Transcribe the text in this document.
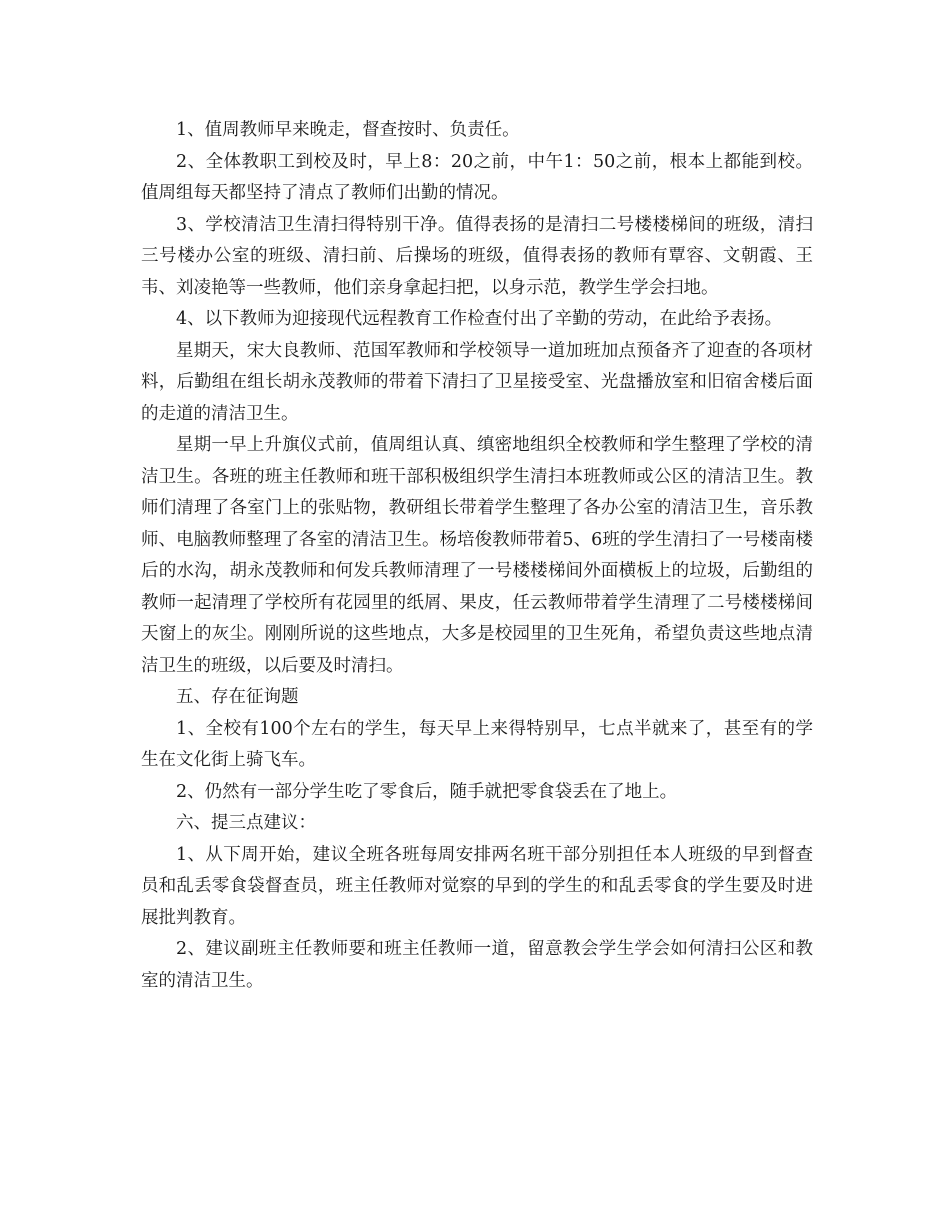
1、值周教师早来晚走，督查按时、负责任。

2、全体教职工到校及时，早上8：20之前，中午1：50之前，根本上都能到校。值周组每天都坚持了清点了教师们出勤的情况。

3、学校清洁卫生清扫得特别干净。值得表扬的是清扫二号楼楼梯间的班级，清扫三号楼办公室的班级、清扫前、后操场的班级，值得表扬的教师有覃容、文朝霞、王韦、刘凌艳等一些教师，他们亲身拿起扫把，以身示范，教学生学会扫地。

4、以下教师为迎接现代远程教育工作检查付出了辛勤的劳动，在此给予表扬。

星期天，宋大良教师、范国军教师和学校领导一道加班加点预备齐了迎查的各项材料，后勤组在组长胡永茂教师的带着下清扫了卫星接受室、光盘播放室和旧宿舍楼后面的走道的清洁卫生。

星期一早上升旗仪式前，值周组认真、缜密地组织全校教师和学生整理了学校的清洁卫生。各班的班主任教师和班干部积极组织学生清扫本班教师或公区的清洁卫生。教师们清理了各室门上的张贴物，教研组长带着学生整理了各办公室的清洁卫生，音乐教师、电脑教师整理了各室的清洁卫生。杨培俊教师带着5、6班的学生清扫了一号楼南楼后的水沟，胡永茂教师和何发兵教师清理了一号楼楼梯间外面横板上的垃圾，后勤组的教师一起清理了学校所有花园里的纸屑、果皮，任云教师带着学生清理了二号楼楼梯间天窗上的灰尘。刚刚所说的这些地点，大多是校园里的卫生死角，希望负责这些地点清洁卫生的班级，以后要及时清扫。

五、存在征询题

1、全校有100个左右的学生，每天早上来得特别早，七点半就来了，甚至有的学生在文化街上骑飞车。

2、仍然有一部分学生吃了零食后，随手就把零食袋丢在了地上。

六、提三点建议：

1、从下周开始，建议全班各班每周安排两名班干部分别担任本人班级的早到督查员和乱丢零食袋督查员，班主任教师对觉察的早到的学生的和乱丢零食的学生要及时进展批判教育。

2、建议副班主任教师要和班主任教师一道，留意教会学生学会如何清扫公区和教室的清洁卫生。
